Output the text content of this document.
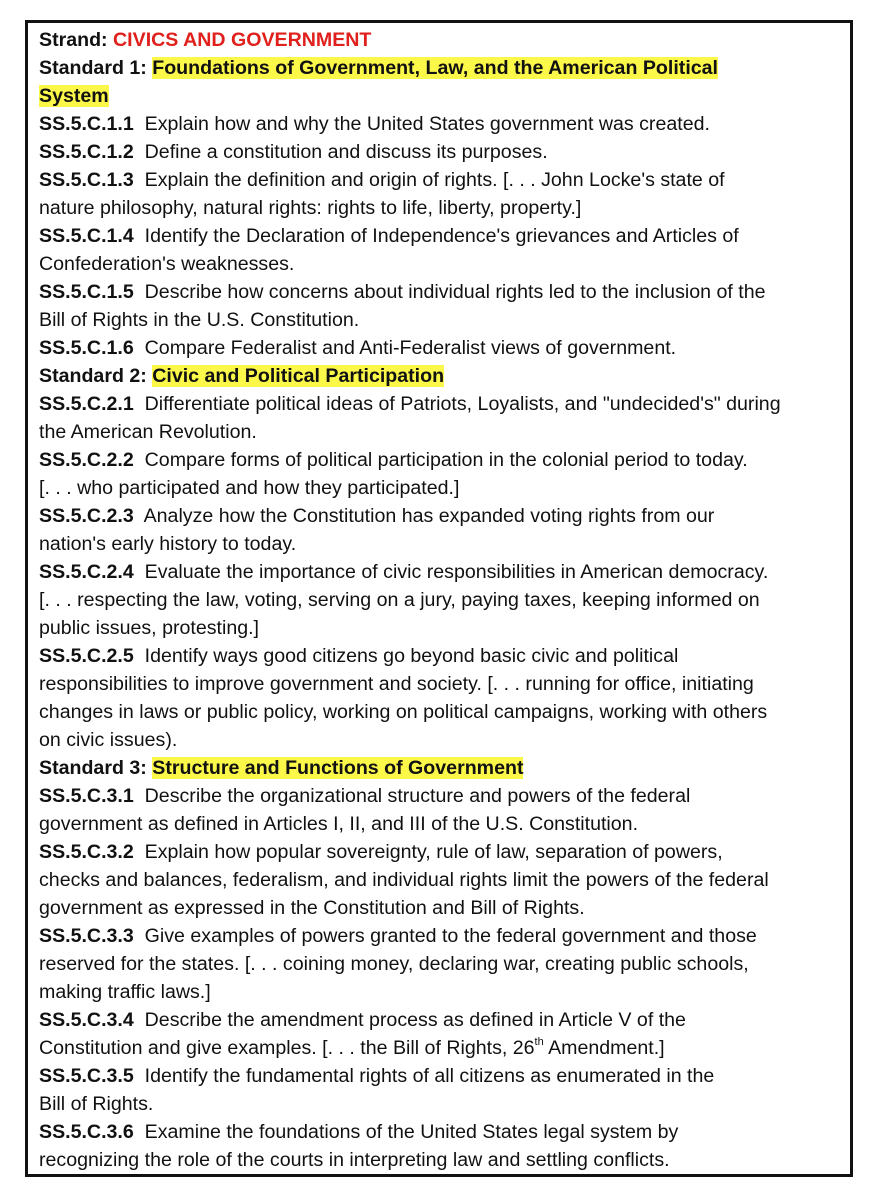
Strand: CIVICS AND GOVERNMENT
Standard 1: Foundations of Government, Law, and the American Political
System
SS.5.C.1.1 Explain how and why the United States government was created.
SS.5.C.1.2 Define a constitution and discuss its purposes.
SS.5.C.1.3 Explain the definition and origin of rights. [. . . John Locke's state of
nature philosophy, natural rights: rights to life, liberty, property.]
SS.5.C.1.4 Identify the Declaration of Independence's grievances and Articles of
Confederation's weaknesses.
SS.5.C.1.5 Describe how concerns about individual rights led to the inclusion of the
Bill of Rights in the U.S. Constitution.
SS.5.C.1.6 Compare Federalist and Anti-Federalist views of government.
Standard 2: Civic and Political Participation
SS.5.C.2.1 Differentiate political ideas of Patriots, Loyalists, and "undecided's" during
the American Revolution.
SS.5.C.2.2 Compare forms of political participation in the colonial period to today.
[. . . who participated and how they participated.]
SS.5.C.2.3 Analyze how the Constitution has expanded voting rights from our
nation's early history to today.
SS.5.C.2.4 Evaluate the importance of civic responsibilities in American democracy.
[. . . respecting the law, voting, serving on a jury, paying taxes, keeping informed on
public issues, protesting.]
SS.5.C.2.5 Identify ways good citizens go beyond basic civic and political
responsibilities to improve government and society. [. . . running for office, initiating
changes in laws or public policy, working on political campaigns, working with others
on civic issues).
Standard 3: Structure and Functions of Government
SS.5.C.3.1 Describe the organizational structure and powers of the federal
government as defined in Articles I, II, and III of the U.S. Constitution.
SS.5.C.3.2 Explain how popular sovereignty, rule of law, separation of powers,
checks and balances, federalism, and individual rights limit the powers of the federal
government as expressed in the Constitution and Bill of Rights.
SS.5.C.3.3 Give examples of powers granted to the federal government and those
reserved for the states. [. . . coining money, declaring war, creating public schools,
making traffic laws.]
SS.5.C.3.4 Describe the amendment process as defined in Article V of the
Constitution and give examples. [. . . the Bill of Rights, 26th Amendment.]
SS.5.C.3.5 Identify the fundamental rights of all citizens as enumerated in the
Bill of Rights.
SS.5.C.3.6 Examine the foundations of the United States legal system by
recognizing the role of the courts in interpreting law and settling conflicts.
